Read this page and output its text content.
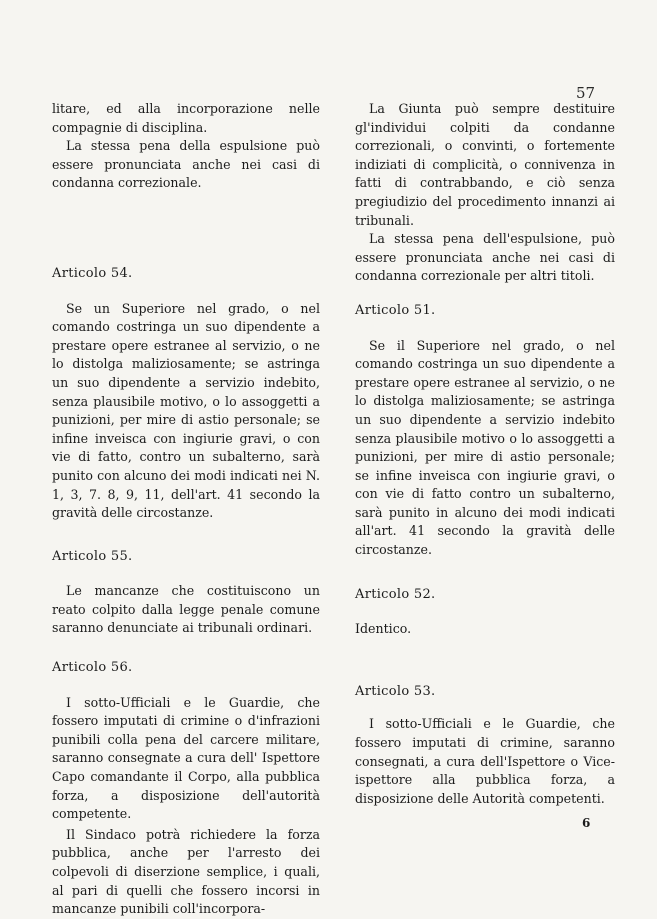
57

litare, ed alla incorporazione nelle compagnie di disciplina.

La stessa pena della espulsione può essere pronunciata anche nei casi di condanna correzionale.

Articolo 54.

Se un Superiore nel grado, o nel comando costringa un suo dipendente a prestare opere estranee al servizio, o ne lo distolga maliziosamente; se astringa un suo dipendente a servizio indebito, senza plausibile motivo, o lo assoggetti a punizioni, per mire di astio personale; se infine inveisca con ingiurie gravi, o con vie di fatto, contro un subalterno, sarà punito con alcuno dei modi indicati nei N. 1, 3, 7. 8, 9, 11, dell'art. 41 secondo la gravità delle circostanze.

Articolo 55.

Le mancanze che costituiscono un reato colpito dalla legge penale comune saranno denunciate ai tribunali ordinari.

Articolo 56.

I sotto-Ufficiali e le Guardie, che fossero imputati di crimine o d'infrazioni punibili colla pena del carcere militare, saranno consegnate a cura dell' Ispettore Capo comandante il Corpo, alla pubblica forza, a disposizione dell'autorità competente.

Il Sindaco potrà richiedere la forza pubblica, anche per l'arresto dei colpevoli di diserzione semplice, i quali, al pari di quelli che fossero incorsi in mancanze punibili coll'incorpora-

La Giunta può sempre destituire gl'individui colpiti da condanne correzionali, o convinti, o fortemente indiziati di complicità, o connivenza in fatti di contrabbando, e ciò senza pregiudizio del procedimento innanzi ai tribunali.

La stessa pena dell'espulsione, può essere pronunciata anche nei casi di condanna correzionale per altri titoli.

Articolo 51.

Se il Superiore nel grado, o nel comando costringa un suo dipendente a prestare opere estranee al servizio, o ne lo distolga maliziosamente; se astringa un suo dipendente a servizio indebito senza plausibile motivo o lo assoggetti a punizioni, per mire di astio personale; se infine inveisca con ingiurie gravi, o con vie di fatto contro un subalterno, sarà punito in alcuno dei modi indicati all'art. 41 secondo la gravità delle circostanze.

Articolo 52.

Identico.

Articolo 53.

I sotto-Ufficiali e le Guardie, che fossero imputati di crimine, saranno consegnati, a cura dell'Ispettore o Vice-ispettore alla pubblica forza, a disposizione delle Autorità competenti.

6
